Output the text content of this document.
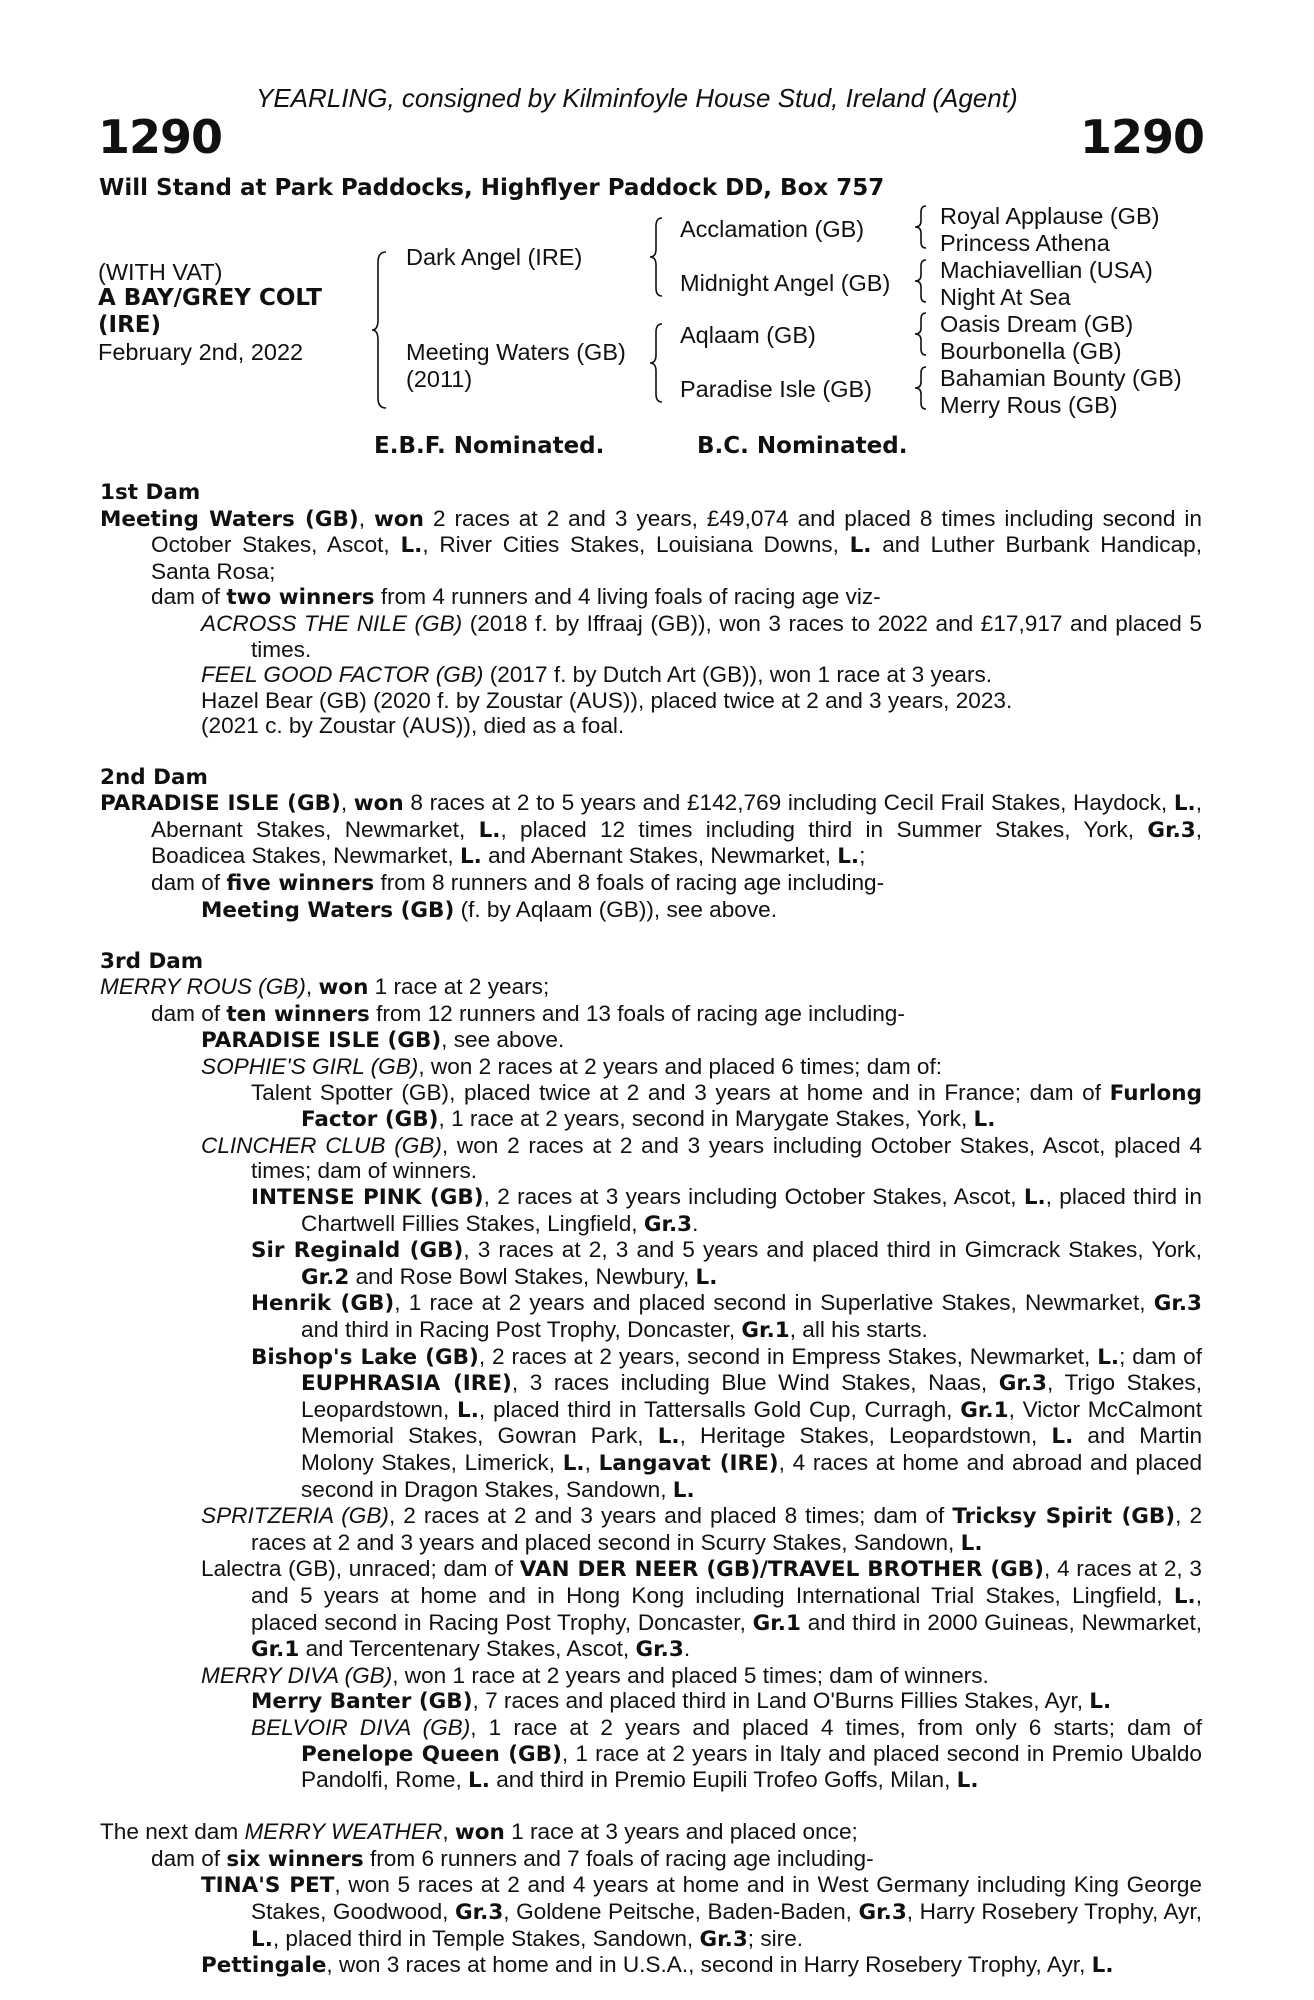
YEARLING, consigned by Kilminfoyle House Stud, Ireland (Agent)
1290	1290
Will Stand at Park Paddocks, Highflyer Paddock DD, Box 757
(WITH VAT)
A BAY/GREY COLT
(IRE)
February 2nd, 2022
Dark Angel (IRE)
Meeting Waters (GB)
(2011)
Acclamation (GB)
Midnight Angel (GB)
Aqlaam (GB)
Paradise Isle (GB)
Royal Applause (GB)
Princess Athena
Machiavellian (USA)
Night At Sea
Oasis Dream (GB)
Bourbonella (GB)
Bahamian Bounty (GB)
Merry Rous (GB)
E.B.F. Nominated.	B.C. Nominated.
1st Dam
Meeting Waters (GB), won 2 races at 2 and 3 years, £49,074 and placed 8 times including second in October Stakes, Ascot, L., River Cities Stakes, Louisiana Downs, L. and Luther Burbank Handicap, Santa Rosa;
dam of two winners from 4 runners and 4 living foals of racing age viz-
ACROSS THE NILE (GB) (2018 f. by Iffraaj (GB)), won 3 races to 2022 and £17,917 and placed 5 times.
FEEL GOOD FACTOR (GB) (2017 f. by Dutch Art (GB)), won 1 race at 3 years.
Hazel Bear (GB) (2020 f. by Zoustar (AUS)), placed twice at 2 and 3 years, 2023.
(2021 c. by Zoustar (AUS)), died as a foal.
2nd Dam
PARADISE ISLE (GB), won 8 races at 2 to 5 years and £142,769 including Cecil Frail Stakes, Haydock, L., Abernant Stakes, Newmarket, L., placed 12 times including third in Summer Stakes, York, Gr.3, Boadicea Stakes, Newmarket, L. and Abernant Stakes, Newmarket, L.;
dam of five winners from 8 runners and 8 foals of racing age including-
Meeting Waters (GB) (f. by Aqlaam (GB)), see above.
3rd Dam
MERRY ROUS (GB), won 1 race at 2 years;
dam of ten winners from 12 runners and 13 foals of racing age including-
PARADISE ISLE (GB), see above.
SOPHIE'S GIRL (GB), won 2 races at 2 years and placed 6 times; dam of:
Talent Spotter (GB), placed twice at 2 and 3 years at home and in France; dam of Furlong Factor (GB), 1 race at 2 years, second in Marygate Stakes, York, L.
CLINCHER CLUB (GB), won 2 races at 2 and 3 years including October Stakes, Ascot, placed 4 times; dam of winners.
INTENSE PINK (GB), 2 races at 3 years including October Stakes, Ascot, L., placed third in Chartwell Fillies Stakes, Lingfield, Gr.3.
Sir Reginald (GB), 3 races at 2, 3 and 5 years and placed third in Gimcrack Stakes, York, Gr.2 and Rose Bowl Stakes, Newbury, L.
Henrik (GB), 1 race at 2 years and placed second in Superlative Stakes, Newmarket, Gr.3 and third in Racing Post Trophy, Doncaster, Gr.1, all his starts.
Bishop's Lake (GB), 2 races at 2 years, second in Empress Stakes, Newmarket, L.; dam of EUPHRASIA (IRE), 3 races including Blue Wind Stakes, Naas, Gr.3, Trigo Stakes, Leopardstown, L., placed third in Tattersalls Gold Cup, Curragh, Gr.1, Victor McCalmont Memorial Stakes, Gowran Park, L., Heritage Stakes, Leopardstown, L. and Martin Molony Stakes, Limerick, L., Langavat (IRE), 4 races at home and abroad and placed second in Dragon Stakes, Sandown, L.
SPRITZERIA (GB), 2 races at 2 and 3 years and placed 8 times; dam of Tricksy Spirit (GB), 2 races at 2 and 3 years and placed second in Scurry Stakes, Sandown, L.
Lalectra (GB), unraced; dam of VAN DER NEER (GB)/TRAVEL BROTHER (GB), 4 races at 2, 3 and 5 years at home and in Hong Kong including International Trial Stakes, Lingfield, L., placed second in Racing Post Trophy, Doncaster, Gr.1 and third in 2000 Guineas, Newmarket, Gr.1 and Tercentenary Stakes, Ascot, Gr.3.
MERRY DIVA (GB), won 1 race at 2 years and placed 5 times; dam of winners.
Merry Banter (GB), 7 races and placed third in Land O'Burns Fillies Stakes, Ayr, L.
BELVOIR DIVA (GB), 1 race at 2 years and placed 4 times, from only 6 starts; dam of Penelope Queen (GB), 1 race at 2 years in Italy and placed second in Premio Ubaldo Pandolfi, Rome, L. and third in Premio Eupili Trofeo Goffs, Milan, L.
The next dam MERRY WEATHER, won 1 race at 3 years and placed once;
dam of six winners from 6 runners and 7 foals of racing age including-
TINA'S PET, won 5 races at 2 and 4 years at home and in West Germany including King George Stakes, Goodwood, Gr.3, Goldene Peitsche, Baden-Baden, Gr.3, Harry Rosebery Trophy, Ayr, L., placed third in Temple Stakes, Sandown, Gr.3; sire.
Pettingale, won 3 races at home and in U.S.A., second in Harry Rosebery Trophy, Ayr, L.
